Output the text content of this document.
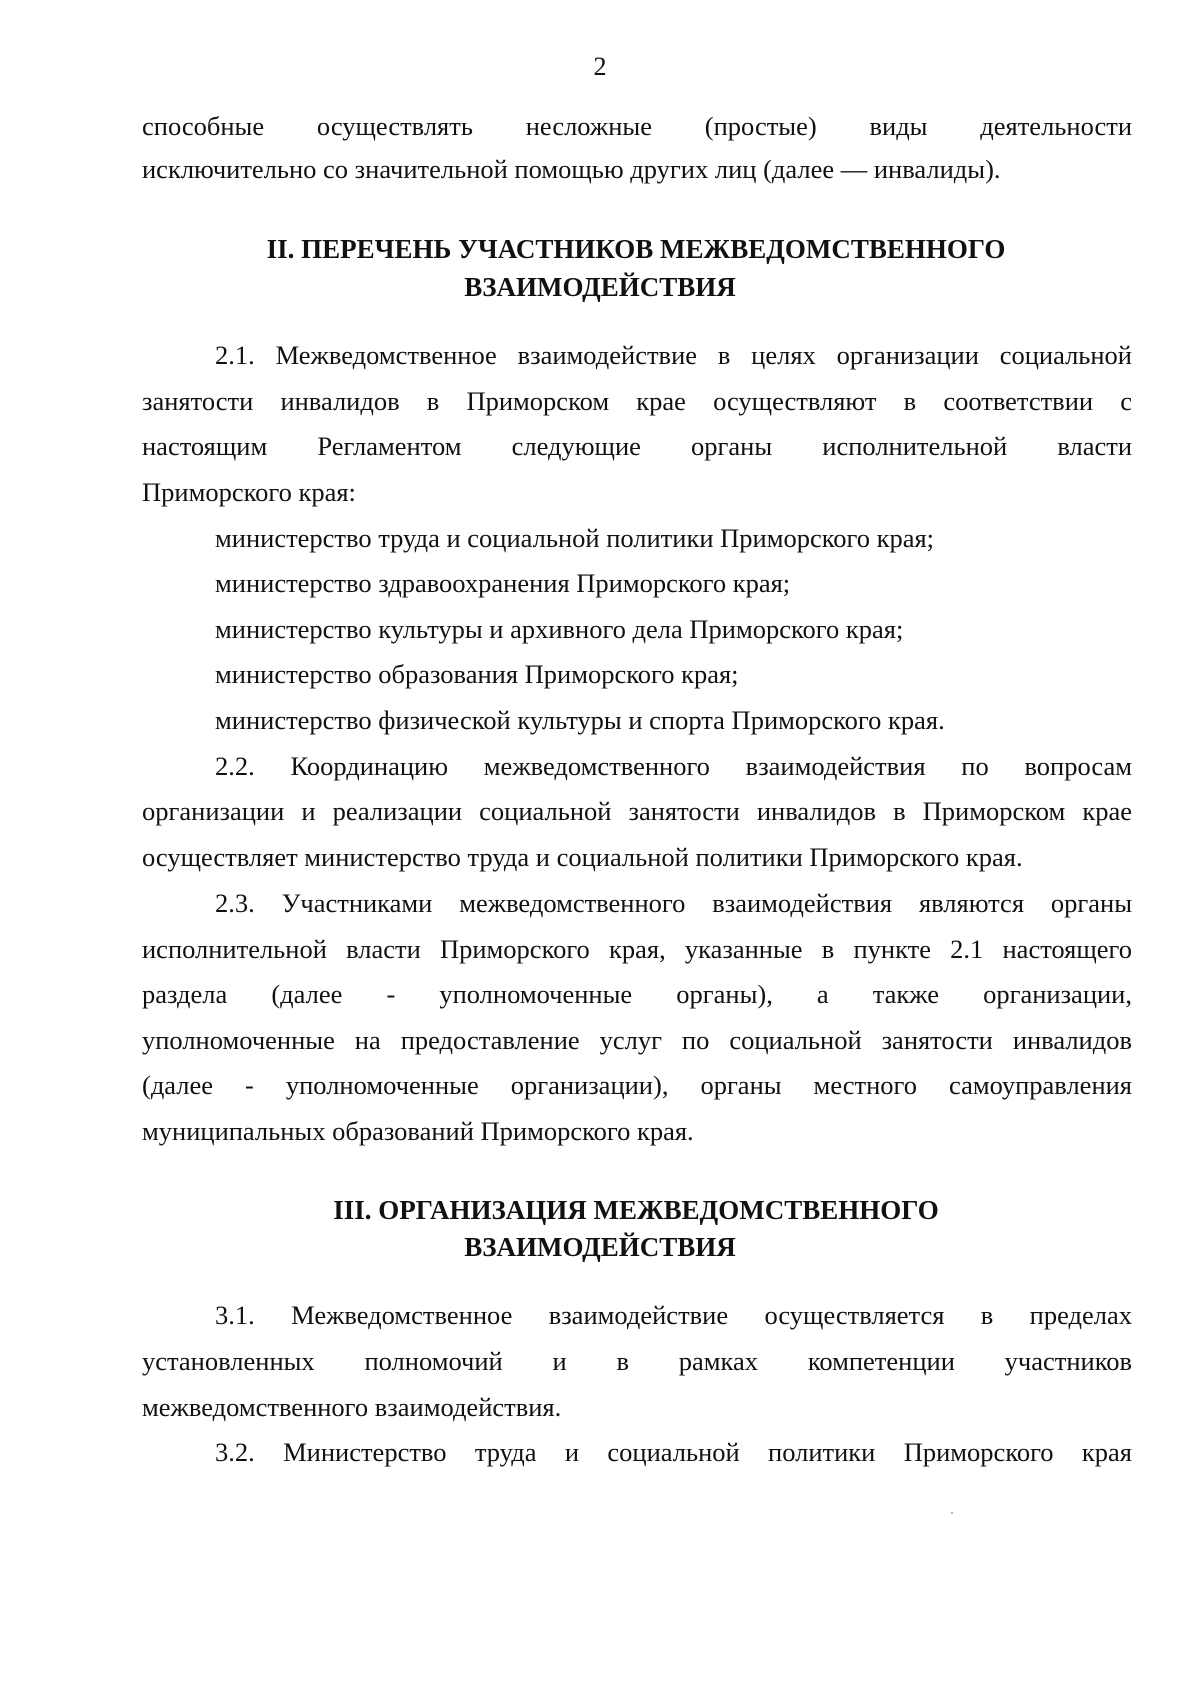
2
способные осуществлять несложные (простые) виды деятельности
исключительно со значительной помощью других лиц (далее — инвалиды).
II. ПЕРЕЧЕНЬ УЧАСТНИКОВ МЕЖВЕДОМСТВЕННОГО
ВЗАИМОДЕЙСТВИЯ
2.1. Межведомственное взаимодействие в целях организации социальной
занятости инвалидов в Приморском крае осуществляют в соответствии с
настоящим Регламентом следующие органы исполнительной власти
Приморского края:
министерство труда и социальной политики Приморского края;
министерство здравоохранения Приморского края;
министерство культуры и архивного дела Приморского края;
министерство образования Приморского края;
министерство физической культуры и спорта Приморского края.
2.2. Координацию межведомственного взаимодействия по вопросам
организации и реализации социальной занятости инвалидов в Приморском крае
осуществляет министерство труда и социальной политики Приморского края.
2.3. Участниками межведомственного взаимодействия являются органы
исполнительной власти Приморского края, указанные в пункте 2.1 настоящего
раздела (далее - уполномоченные органы), а также организации,
уполномоченные на предоставление услуг по социальной занятости инвалидов
(далее - уполномоченные организации), органы местного самоуправления
муниципальных образований Приморского края.
III. ОРГАНИЗАЦИЯ МЕЖВЕДОМСТВЕННОГО
ВЗАИМОДЕЙСТВИЯ
3.1. Межведомственное взаимодействие осуществляется в пределах
установленных полномочий и в рамках компетенции участников
межведомственного взаимодействия.
3.2. Министерство труда и социальной политики Приморского края
